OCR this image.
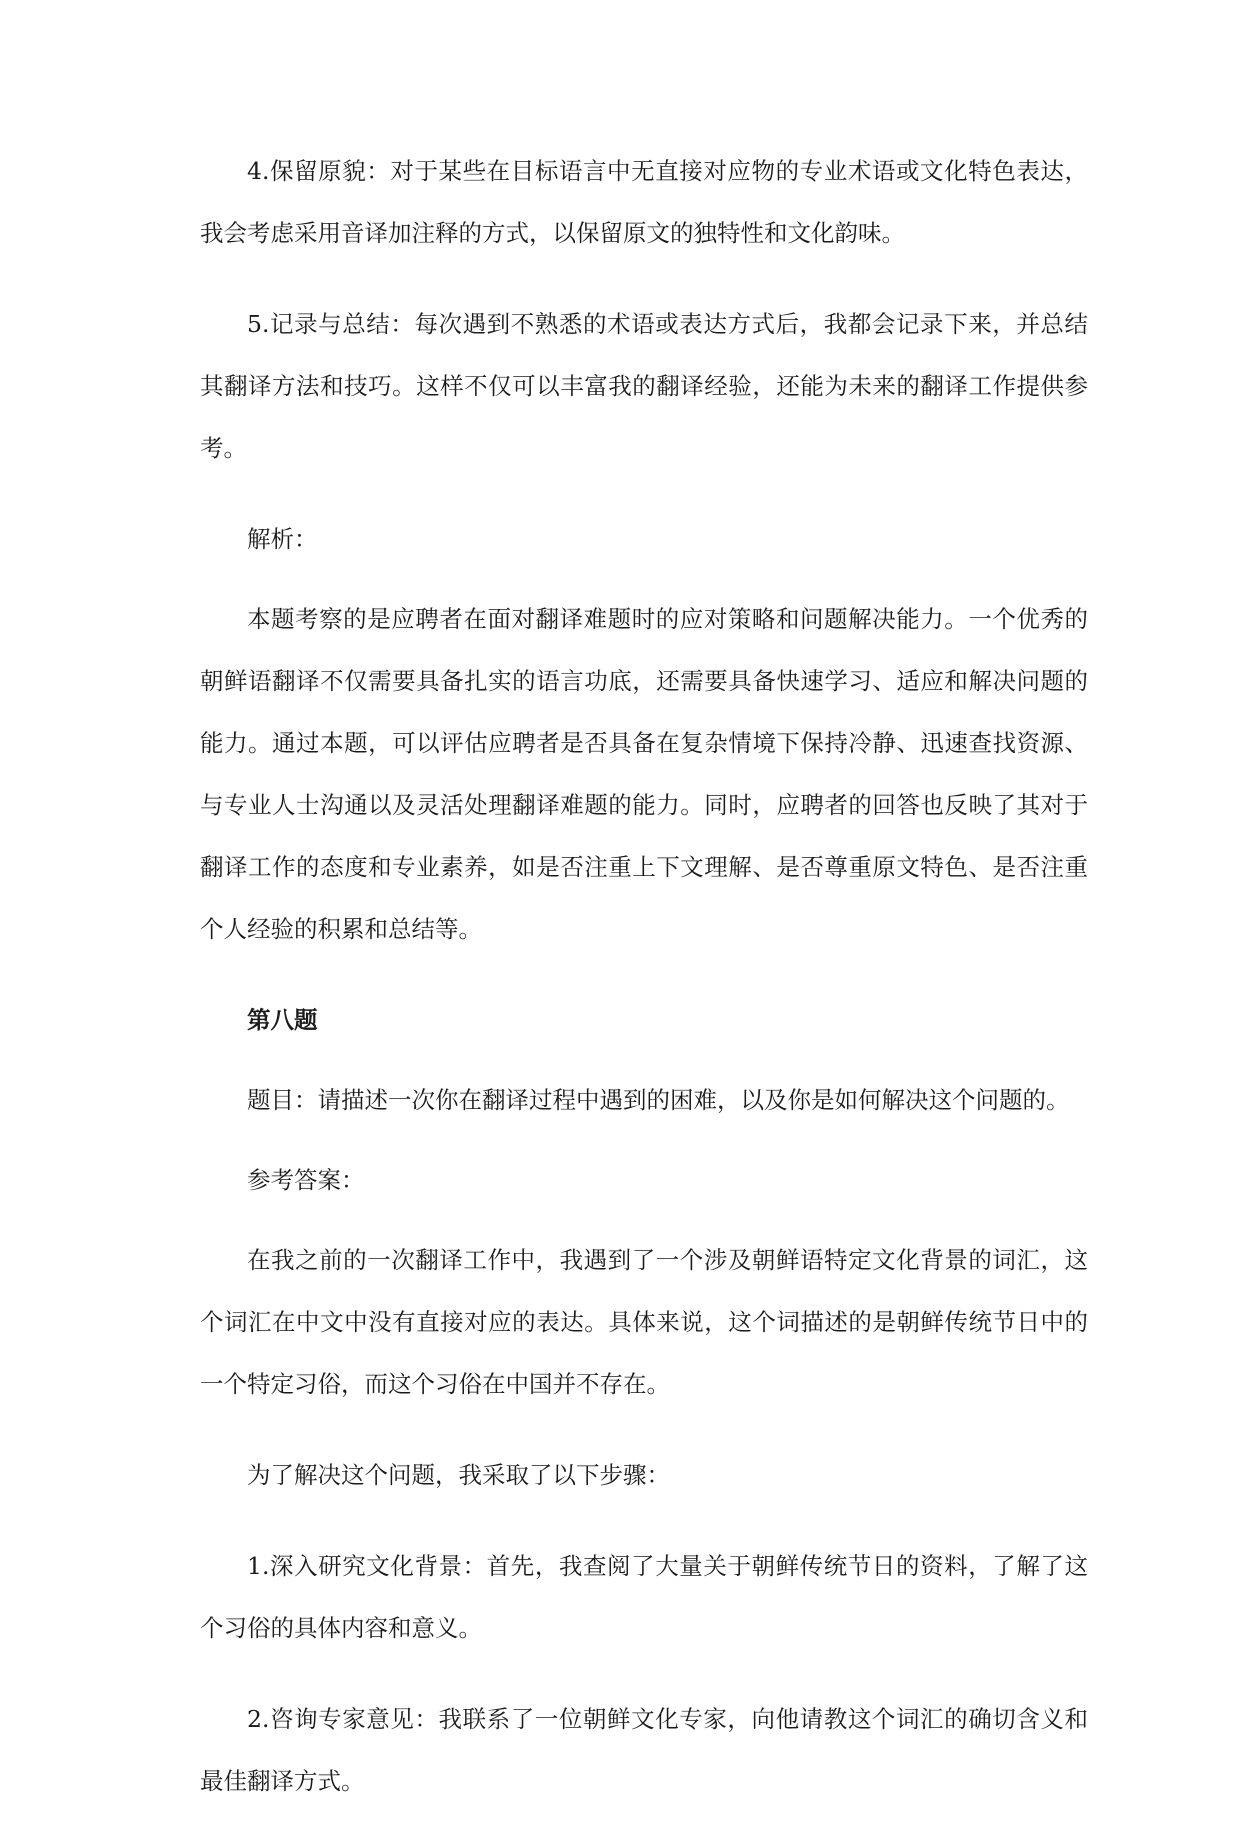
4.保留原貌：对于某些在目标语言中无直接对应物的专业术语或文化特色表达，我会考虑采用音译加注释的方式，以保留原文的独特性和文化韵味。

5.记录与总结：每次遇到不熟悉的术语或表达方式后，我都会记录下来，并总结其翻译方法和技巧。这样不仅可以丰富我的翻译经验，还能为未来的翻译工作提供参考。

解析：

本题考察的是应聘者在面对翻译难题时的应对策略和问题解决能力。一个优秀的朝鲜语翻译不仅需要具备扎实的语言功底，还需要具备快速学习、适应和解决问题的能力。通过本题，可以评估应聘者是否具备在复杂情境下保持冷静、迅速查找资源、与专业人士沟通以及灵活处理翻译难题的能力。同时，应聘者的回答也反映了其对于翻译工作的态度和专业素养，如是否注重上下文理解、是否尊重原文特色、是否注重个人经验的积累和总结等。

第八题

题目：请描述一次你在翻译过程中遇到的困难，以及你是如何解决这个问题的。

参考答案：

在我之前的一次翻译工作中，我遇到了一个涉及朝鲜语特定文化背景的词汇，这个词汇在中文中没有直接对应的表达。具体来说，这个词描述的是朝鲜传统节日中的一个特定习俗，而这个习俗在中国并不存在。

为了解决这个问题，我采取了以下步骤：

1.深入研究文化背景：首先，我查阅了大量关于朝鲜传统节日的资料，了解了这个习俗的具体内容和意义。

2.咨询专家意见：我联系了一位朝鲜文化专家，向他请教这个词汇的确切含义和最佳翻译方式。
